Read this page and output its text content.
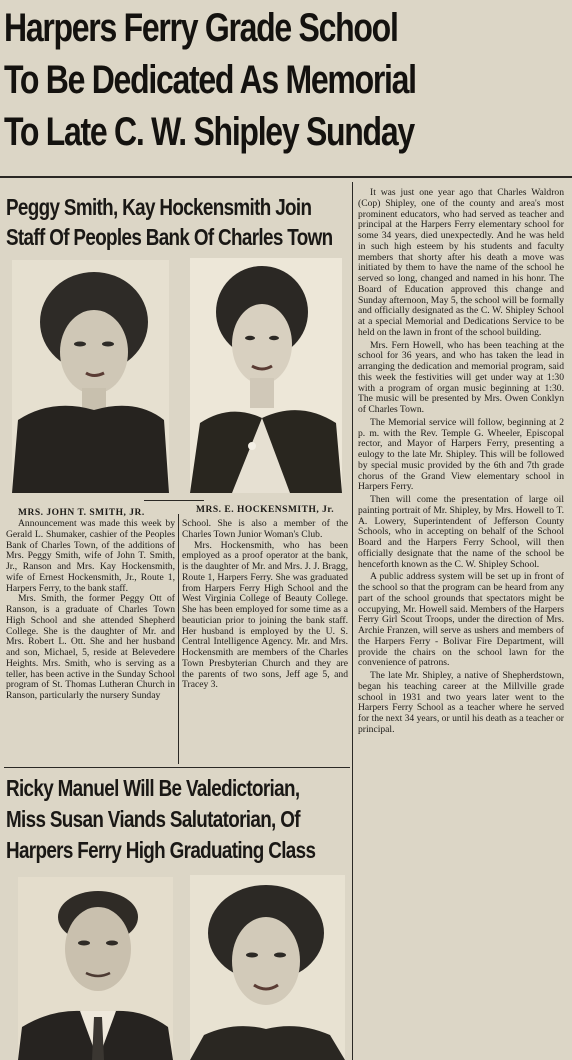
Harpers Ferry Grade School
To Be Dedicated As Memorial
To Late C. W. Shipley Sunday
Peggy Smith, Kay Hockensmith Join
Staff Of Peoples Bank Of Charles Town
MRS. JOHN T. SMITH, JR.	MRS. E. HOCKENSMITH, Jr.

Announcement was made this week by Gerald L. Shumaker, cashier of the Peoples Bank of Charles Town, of the additions of Mrs. Peggy Smith, wife of John T. Smith, Jr., Ranson and Mrs. Kay Hockensmith, wife of Ernest Hockensmith, Jr., Route 1, Harpers Ferry, to the bank staff.

Mrs. Smith, the former Peggy Ott of Ranson, is a graduate of Charles Town High School and she attended Shepherd College. She is the daughter of Mr. and Mrs. Robert L. Ott. She and her husband and son, Michael, 5, reside at Belevedere Heights. Mrs. Smith, who is serving as a teller, has been active in the Sunday School program of St. Thomas Lutheran Church in Ranson, particularly the nursery Sunday

School. She is also a member of the Charles Town Junior Woman's Club.

Mrs. Hockensmith, who has been employed as a proof operator at the bank, is the daughter of Mr. and Mrs. J. J. Bragg, Route 1, Harpers Ferry. She was graduated from Harpers Ferry High School and the West Virginia College of Beauty College. She has been employed for some time as a beautician prior to joining the bank staff. Her husband is employed by the U. S. Central Intelligence Agency. Mr. and Mrs. Hockensmith are members of the Charles Town Presbyterian Church and they are the parents of two sons, Jeff age 5, and Tracey 3.

Ricky Manuel Will Be Valedictorian,
Miss Susan Viands Salutatorian, Of
Harpers Ferry High Graduating Class

It was just one year ago that Charles Waldron (Cop) Shipley, one of the county and area's most prominent educators, who had served as teacher and principal at the Harpers Ferry elementary school for some 34 years, died unexpectedly. And he was held in such high esteem by his students and faculty members that shorty after his death a move was initiated by them to have the name of the school he served so long, changed and named in his honr. The Board of Education approved this change and Sunday afternoon, May 5, the school will be formally and officially designated as the C. W. Shipley School at a special Memorial and Dedications Service to be held on the lawn in front of the school building.

Mrs. Fern Howell, who has been teaching at the school for 36 years, and who has taken the lead in arranging the dedication and memorial program, said this week the festivities will get under way at 1:30 with a program of organ music beginning at 1:30. The music will be presented by Mrs. Owen Conklyn of Charles Town.

The Memorial service will follow, beginning at 2 p. m. with the Rev. Temple G. Wheeler, Episcopal rector, and Mayor of Harpers Ferry, presenting a eulogy to the late Mr. Shipley. This will be followed by special music provided by the 6th and 7th grade chorus of the Grand View elementary school in Harpers Ferry.

Then will come the presentation of large oil painting portrait of Mr. Shipley, by Mrs. Howell to T. A. Lowery, Superintendent of Jefferson County Schools, who in accepting on behalf of the School Board and the Harpers Ferry School, will then officially designate that the name of the school be henceforth known as the C. W. Shipley School.

A public address system will be set up in front of the school so that the program can be heard from any part of the school grounds that spectators might be occupying, Mr. Howell said. Members of the Harpers Ferry Girl Scout Troops, under the direction of Mrs. Archie Franzen, will serve as ushers and members of the Harpers Ferry - Bolivar Fire Department, will provide the chairs on the school lawn for the convenience of patrons.

The late Mr. Shipley, a native of Shepherdstown, began his teaching career at the Millville grade school in 1931 and two years later went to the Harpers Ferry School as a teacher where he served for the next 34 years, or until his death as a teacher or principal.
